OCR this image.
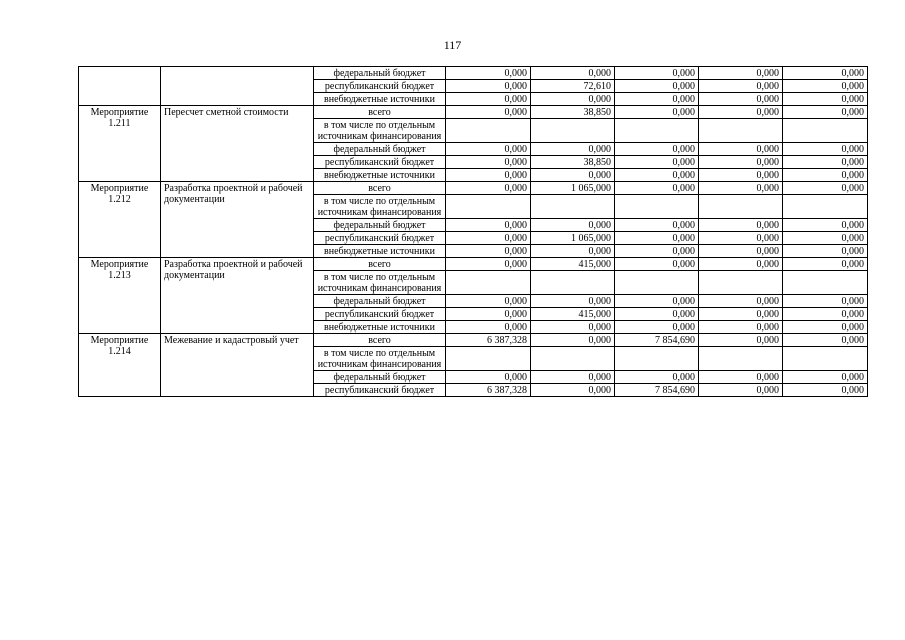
117
		федеральный бюджет	0,000	0,000	0,000	0,000	0,000
		республиканский бюджет	0,000	72,610	0,000	0,000	0,000
		внебюджетные источники	0,000	0,000	0,000	0,000	0,000
Мероприятие 1.211	Пересчет сметной стоимости	всего	0,000	38,850	0,000	0,000	0,000
		в том числе по отдельным источникам финансирования					
		федеральный бюджет	0,000	0,000	0,000	0,000	0,000
		республиканский бюджет	0,000	38,850	0,000	0,000	0,000
		внебюджетные источники	0,000	0,000	0,000	0,000	0,000
Мероприятие 1.212	Разработка проектной и рабочей документации	всего	0,000	1 065,000	0,000	0,000	0,000
		в том числе по отдельным источникам финансирования					
		федеральный бюджет	0,000	0,000	0,000	0,000	0,000
		республиканский бюджет	0,000	1 065,000	0,000	0,000	0,000
		внебюджетные источники	0,000	0,000	0,000	0,000	0,000
Мероприятие 1.213	Разработка проектной и рабочей документации	всего	0,000	415,000	0,000	0,000	0,000
		в том числе по отдельным источникам финансирования					
		федеральный бюджет	0,000	0,000	0,000	0,000	0,000
		республиканский бюджет	0,000	415,000	0,000	0,000	0,000
		внебюджетные источники	0,000	0,000	0,000	0,000	0,000
Мероприятие 1.214	Межевание и кадастровый учет	всего	6 387,328	0,000	7 854,690	0,000	0,000
		в том числе по отдельным источникам финансирования					
		федеральный бюджет	0,000	0,000	0,000	0,000	0,000
		республиканский бюджет	6 387,328	0,000	7 854,690	0,000	0,000
